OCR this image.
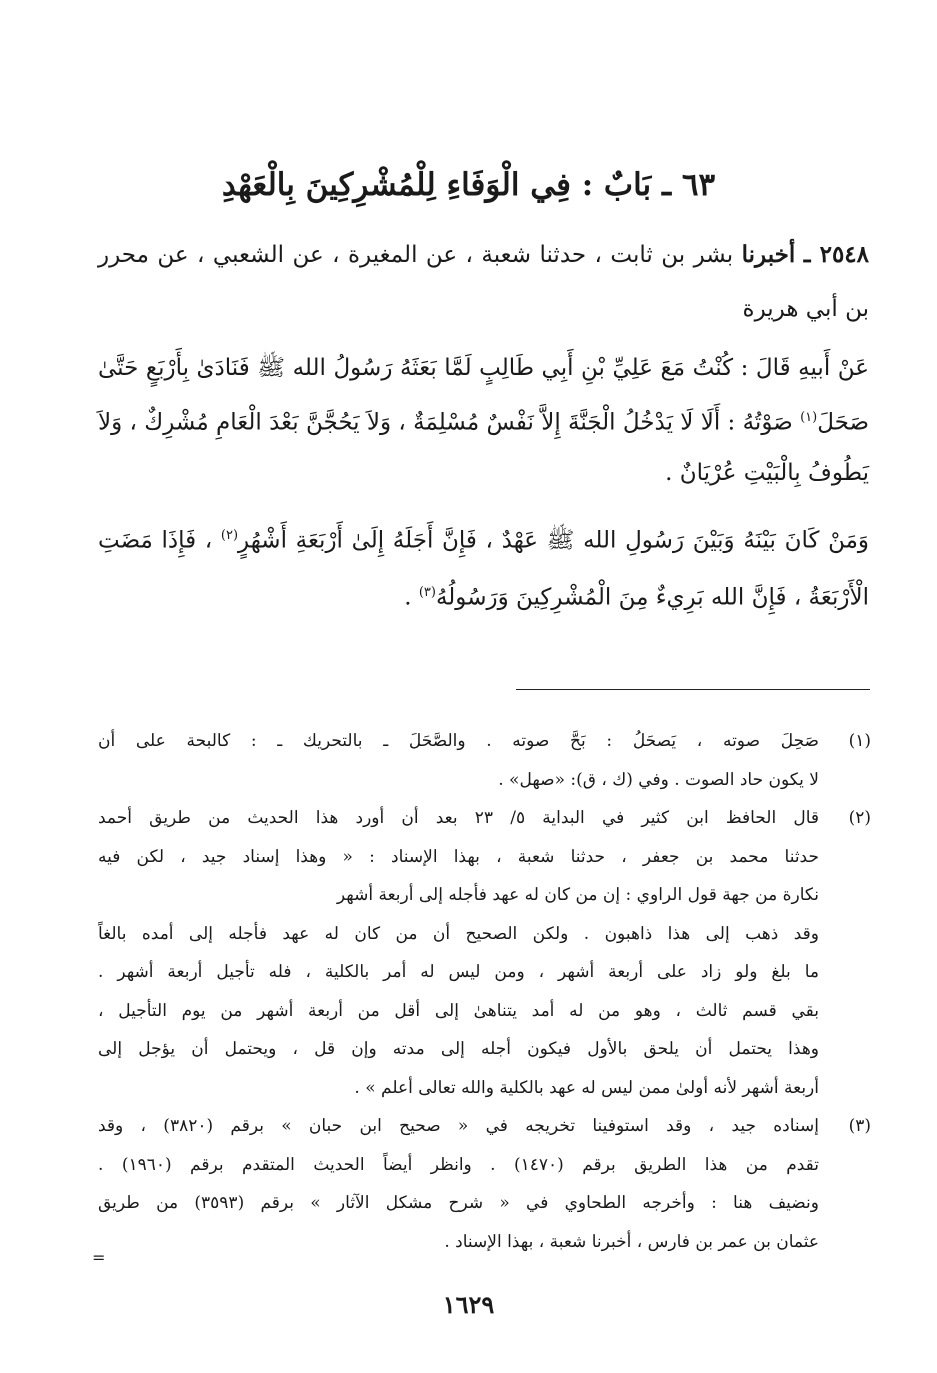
٦٣ ـ بَابٌ : فِي الْوَفَاءِ لِلْمُشْرِكِينَ بِالْعَهْدِ
٢٥٤٨ ـ أخبرنا بشر بن ثابت ، حدثنا شعبة ، عن المغيرة ، عن الشعبي ، عن محرر بن أبي هريرة
عَنْ أَبيهِ قَالَ : كُنْتُ مَعَ عَلِيِّ بْنِ أَبِي طَالِبٍ لَمَّا بَعَثَهُ رَسُولُ الله ﷺ فَنَادَىٰ بِأَرْبَعٍ حَتَّىٰ صَحَلَ$^{(١)}$ صَوْتُهُ : أَلَا لَا يَدْخُلُ الْجَنَّةَ إِلاَّ نَفْسٌ مُسْلِمَةٌ ، وَلاَ يَحُجَّنَّ بَعْدَ الْعَامِ مُشْرِكٌ ، وَلاَ يَطُوفُ بِالْبَيْتِ عُرْيَانٌ .
وَمَنْ كَانَ بَيْنَهُ وَبَيْنَ رَسُولِ الله ﷺ عَهْدٌ ، فَإِنَّ أَجَلَهُ إِلَىٰ أَرْبَعَةِ أَشْهُرٍ$^{(٢)}$ ، فَإِذَا مَضَتِ الْأَرْبَعَةُ ، فَإِنَّ الله بَرِيءٌ مِنَ الْمُشْرِكِينَ وَرَسُولُهُ$^{(٣)}$ .
(١)
صَحِلَ صوته ، يَصحَلُ : بَحَّ صوته . والصَّحَلَ ـ بالتحريك ـ : كالبحة على أن
لا يكون حاد الصوت . وفي (ك ، ق): «صهل» .
(٢)
قال الحافظ ابن كثير في البداية ٥/ ٢٣ بعد أن أورد هذا الحديث من طريق أحمد
حدثنا محمد بن جعفر ، حدثنا شعبة ، بهذا الإسناد : « وهذا إسناد جيد ، لكن فيه
نكارة من جهة قول الراوي : إن من كان له عهد فأجله إلى أربعة أشهر
وقد ذهب إلى هذا ذاهبون . ولكن الصحيح أن من كان له عهد فأجله إلى أمده بالغاً
ما بلغ ولو زاد على أربعة أشهر ، ومن ليس له أمر بالكلية ، فله تأجيل أربعة أشهر .
بقي قسم ثالث ، وهو من له أمد يتناهىٰ إلى أقل من أربعة أشهر من يوم التأجيل ،
وهذا يحتمل أن يلحق بالأول فيكون أجله إلى مدته وإن قل ، ويحتمل أن يؤجل إلى
أربعة أشهر لأنه أولىٰ ممن ليس له عهد بالكلية والله تعالى أعلم » .
(٣)
إسناده جيد ، وقد استوفينا تخريجه في « صحيح ابن حبان » برقم (٣٨٢٠) ، وقد
تقدم من هذا الطريق برقم (١٤٧٠) . وانظر أيضاً الحديث المتقدم برقم (١٩٦٠) .
ونضيف هنا : وأخرجه الطحاوي في « شرح مشكل الآثار » برقم (٣٥٩٣) من طريق
عثمان بن عمر بن فارس ، أخبرنا شعبة ، بهذا الإسناد .
=
١٦٢٩
